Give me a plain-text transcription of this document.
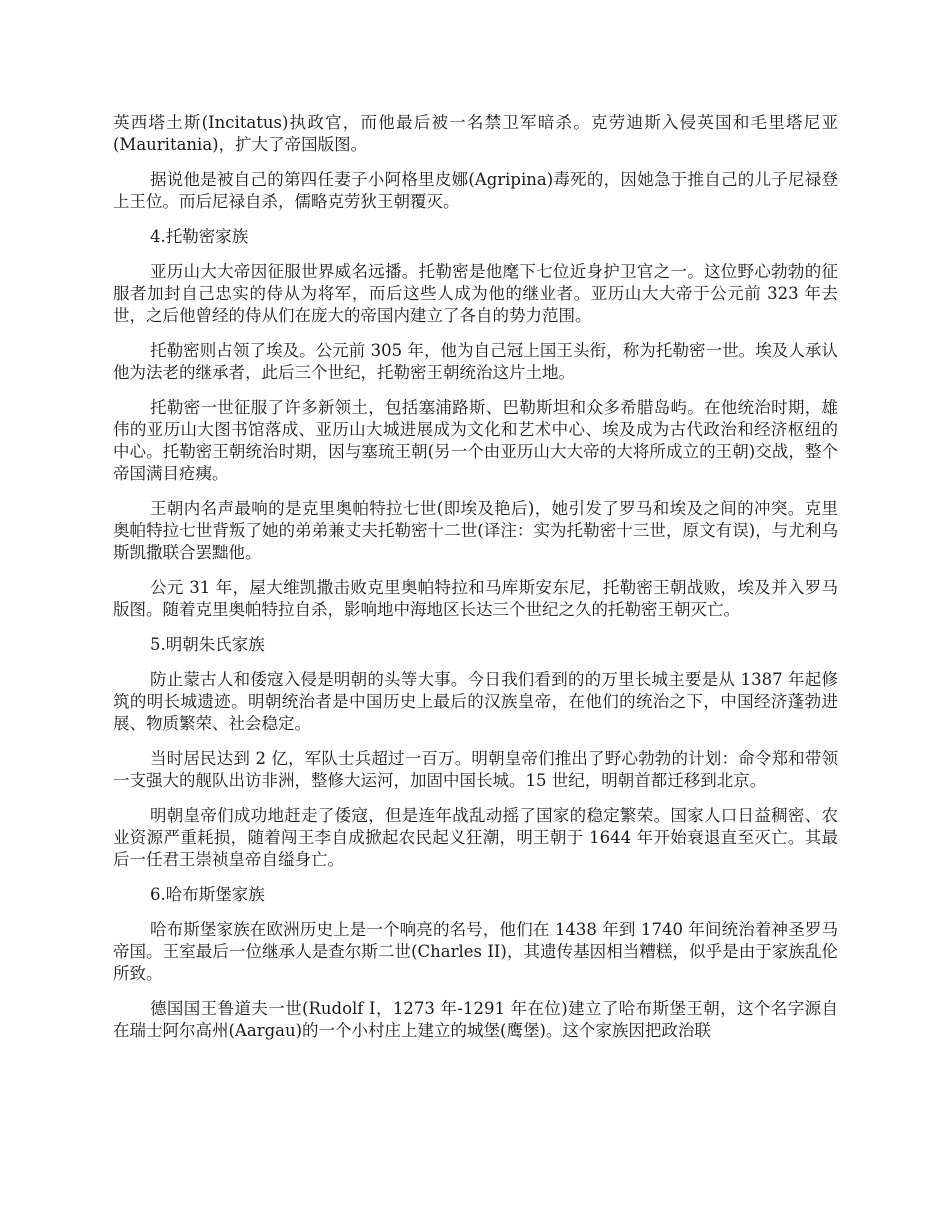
英西塔土斯(Incitatus)执政官，而他最后被一名禁卫军暗杀。克劳迪斯入侵英国和毛里塔尼亚(Mauritania)，扩大了帝国版图。

据说他是被自己的第四任妻子小阿格里皮娜(Agripina)毒死的，因她急于推自己的儿子尼禄登上王位。而后尼禄自杀，儒略克劳狄王朝覆灭。

4.托勒密家族

亚历山大大帝因征服世界威名远播。托勒密是他麾下七位近身护卫官之一。这位野心勃勃的征服者加封自己忠实的侍从为将军，而后这些人成为他的继业者。亚历山大大帝于公元前 323 年去世，之后他曾经的侍从们在庞大的帝国内建立了各自的势力范围。

托勒密则占领了埃及。公元前 305 年，他为自己冠上国王头衔，称为托勒密一世。埃及人承认他为法老的继承者，此后三个世纪，托勒密王朝统治这片土地。

托勒密一世征服了许多新领土，包括塞浦路斯、巴勒斯坦和众多希腊岛屿。在他统治时期，雄伟的亚历山大图书馆落成、亚历山大城进展成为文化和艺术中心、埃及成为古代政治和经济枢纽的中心。托勒密王朝统治时期，因与塞琉王朝(另一个由亚历山大大帝的大将所成立的王朝)交战，整个帝国满目疮痍。

王朝内名声最响的是克里奥帕特拉七世(即埃及艳后)，她引发了罗马和埃及之间的冲突。克里奥帕特拉七世背叛了她的弟弟兼丈夫托勒密十二世(译注：实为托勒密十三世，原文有误)，与尤利乌斯凯撒联合罢黜他。

公元 31 年，屋大维凯撒击败克里奥帕特拉和马库斯安东尼，托勒密王朝战败，埃及并入罗马版图。随着克里奥帕特拉自杀，影响地中海地区长达三个世纪之久的托勒密王朝灭亡。

5.明朝朱氏家族

防止蒙古人和倭寇入侵是明朝的头等大事。今日我们看到的的万里长城主要是从 1387 年起修筑的明长城遗迹。明朝统治者是中国历史上最后的汉族皇帝，在他们的统治之下，中国经济蓬勃进展、物质繁荣、社会稳定。

当时居民达到 2 亿，军队士兵超过一百万。明朝皇帝们推出了野心勃勃的计划：命令郑和带领一支强大的舰队出访非洲，整修大运河，加固中国长城。15 世纪，明朝首都迁移到北京。

明朝皇帝们成功地赶走了倭寇，但是连年战乱动摇了国家的稳定繁荣。国家人口日益稠密、农业资源严重耗损，随着闯王李自成掀起农民起义狂潮，明王朝于 1644 年开始衰退直至灭亡。其最后一任君王崇祯皇帝自缢身亡。

6.哈布斯堡家族

哈布斯堡家族在欧洲历史上是一个响亮的名号，他们在 1438 年到 1740 年间统治着神圣罗马帝国。王室最后一位继承人是查尔斯二世(Charles II)，其遗传基因相当糟糕，似乎是由于家族乱伦所致。

德国国王鲁道夫一世(Rudolf I，1273 年-1291 年在位)建立了哈布斯堡王朝，这个名字源自在瑞士阿尔高州(Aargau)的一个小村庄上建立的城堡(鹰堡)。这个家族因把政治联
